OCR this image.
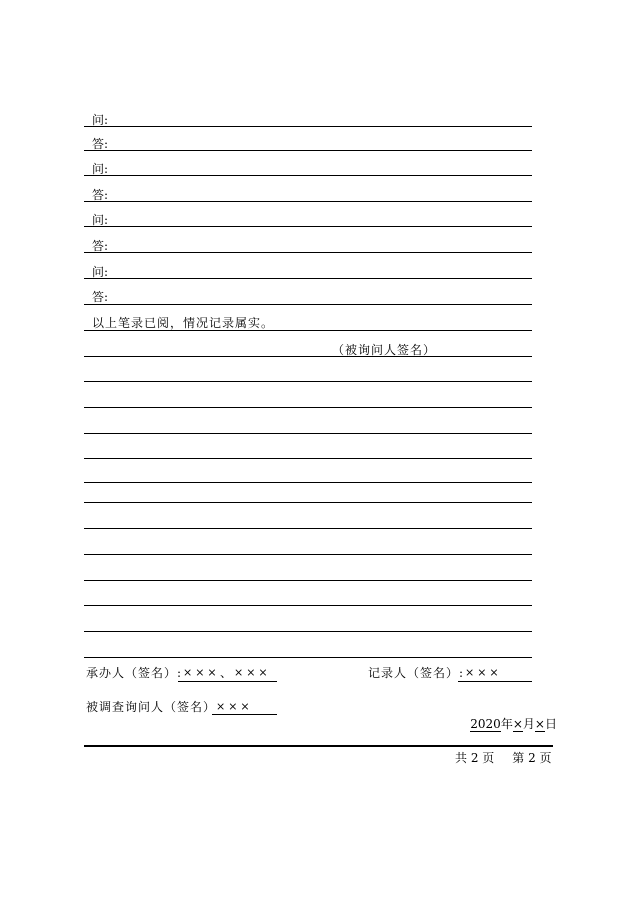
问:
答:
问:
答:
问:
答:
问:
答:
以上笔录已阅，情况记录属实。
（被询问人签名）
承办人（签名）: ××× 、 ×××	记录人（签名）: ×××
被调查询问人（签名） ×××
2020年×月×日
共 2 页 第 2 页
